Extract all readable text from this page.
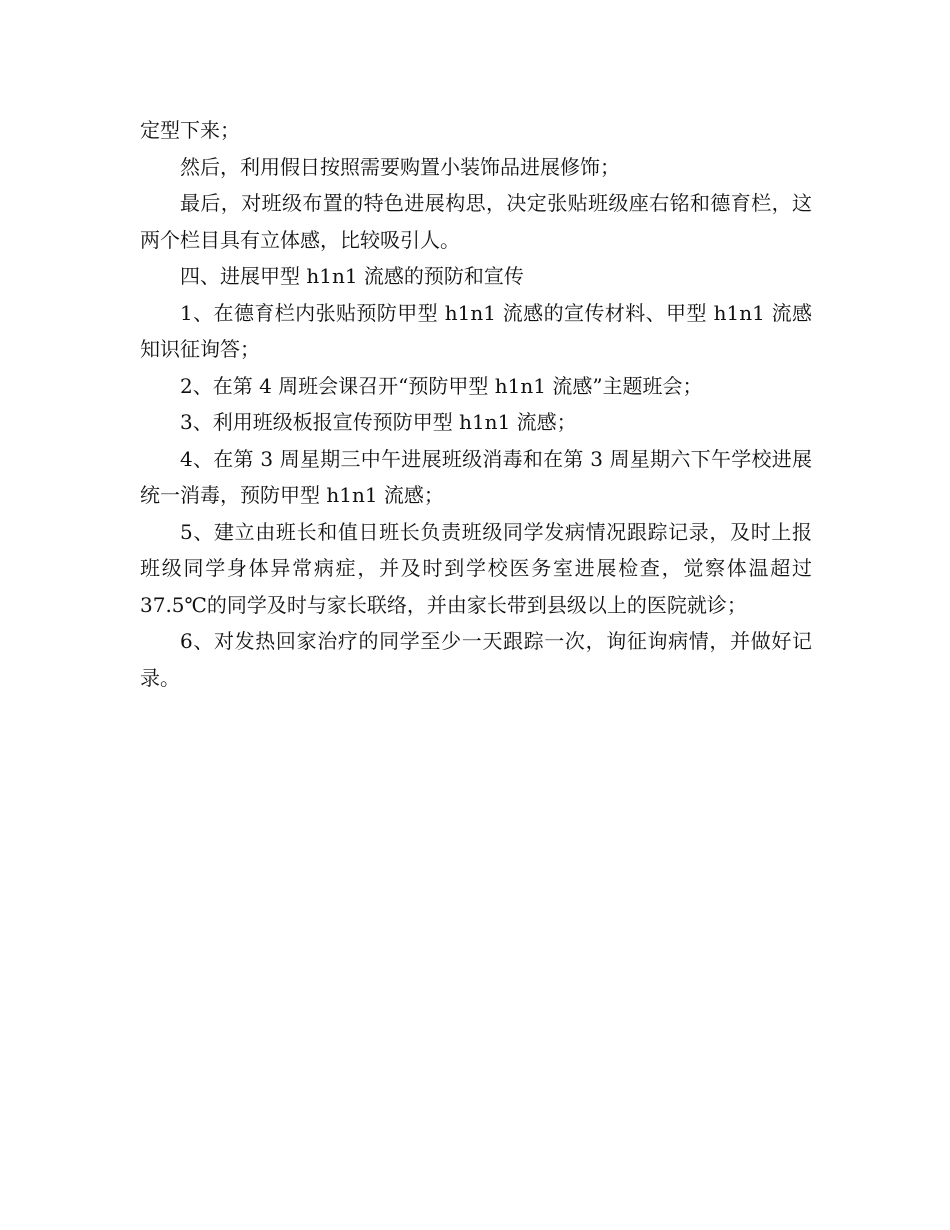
定型下来；

然后，利用假日按照需要购置小装饰品进展修饰；

最后，对班级布置的特色进展构思，决定张贴班级座右铭和德育栏，这两个栏目具有立体感，比较吸引人。

四、进展甲型 h1n1 流感的预防和宣传

1、在德育栏内张贴预防甲型 h1n1 流感的宣传材料、甲型 h1n1 流感知识征询答；

2、在第 4 周班会课召开“预防甲型 h1n1 流感”主题班会；

3、利用班级板报宣传预防甲型 h1n1 流感；

4、在第 3 周星期三中午进展班级消毒和在第 3 周星期六下午学校进展统一消毒，预防甲型 h1n1 流感；

5、建立由班长和值日班长负责班级同学发病情况跟踪记录，及时上报班级同学身体异常病症，并及时到学校医务室进展检查，觉察体温超过 37.5℃的同学及时与家长联络，并由家长带到县级以上的医院就诊；

6、对发热回家治疗的同学至少一天跟踪一次，询征询病情，并做好记录。
